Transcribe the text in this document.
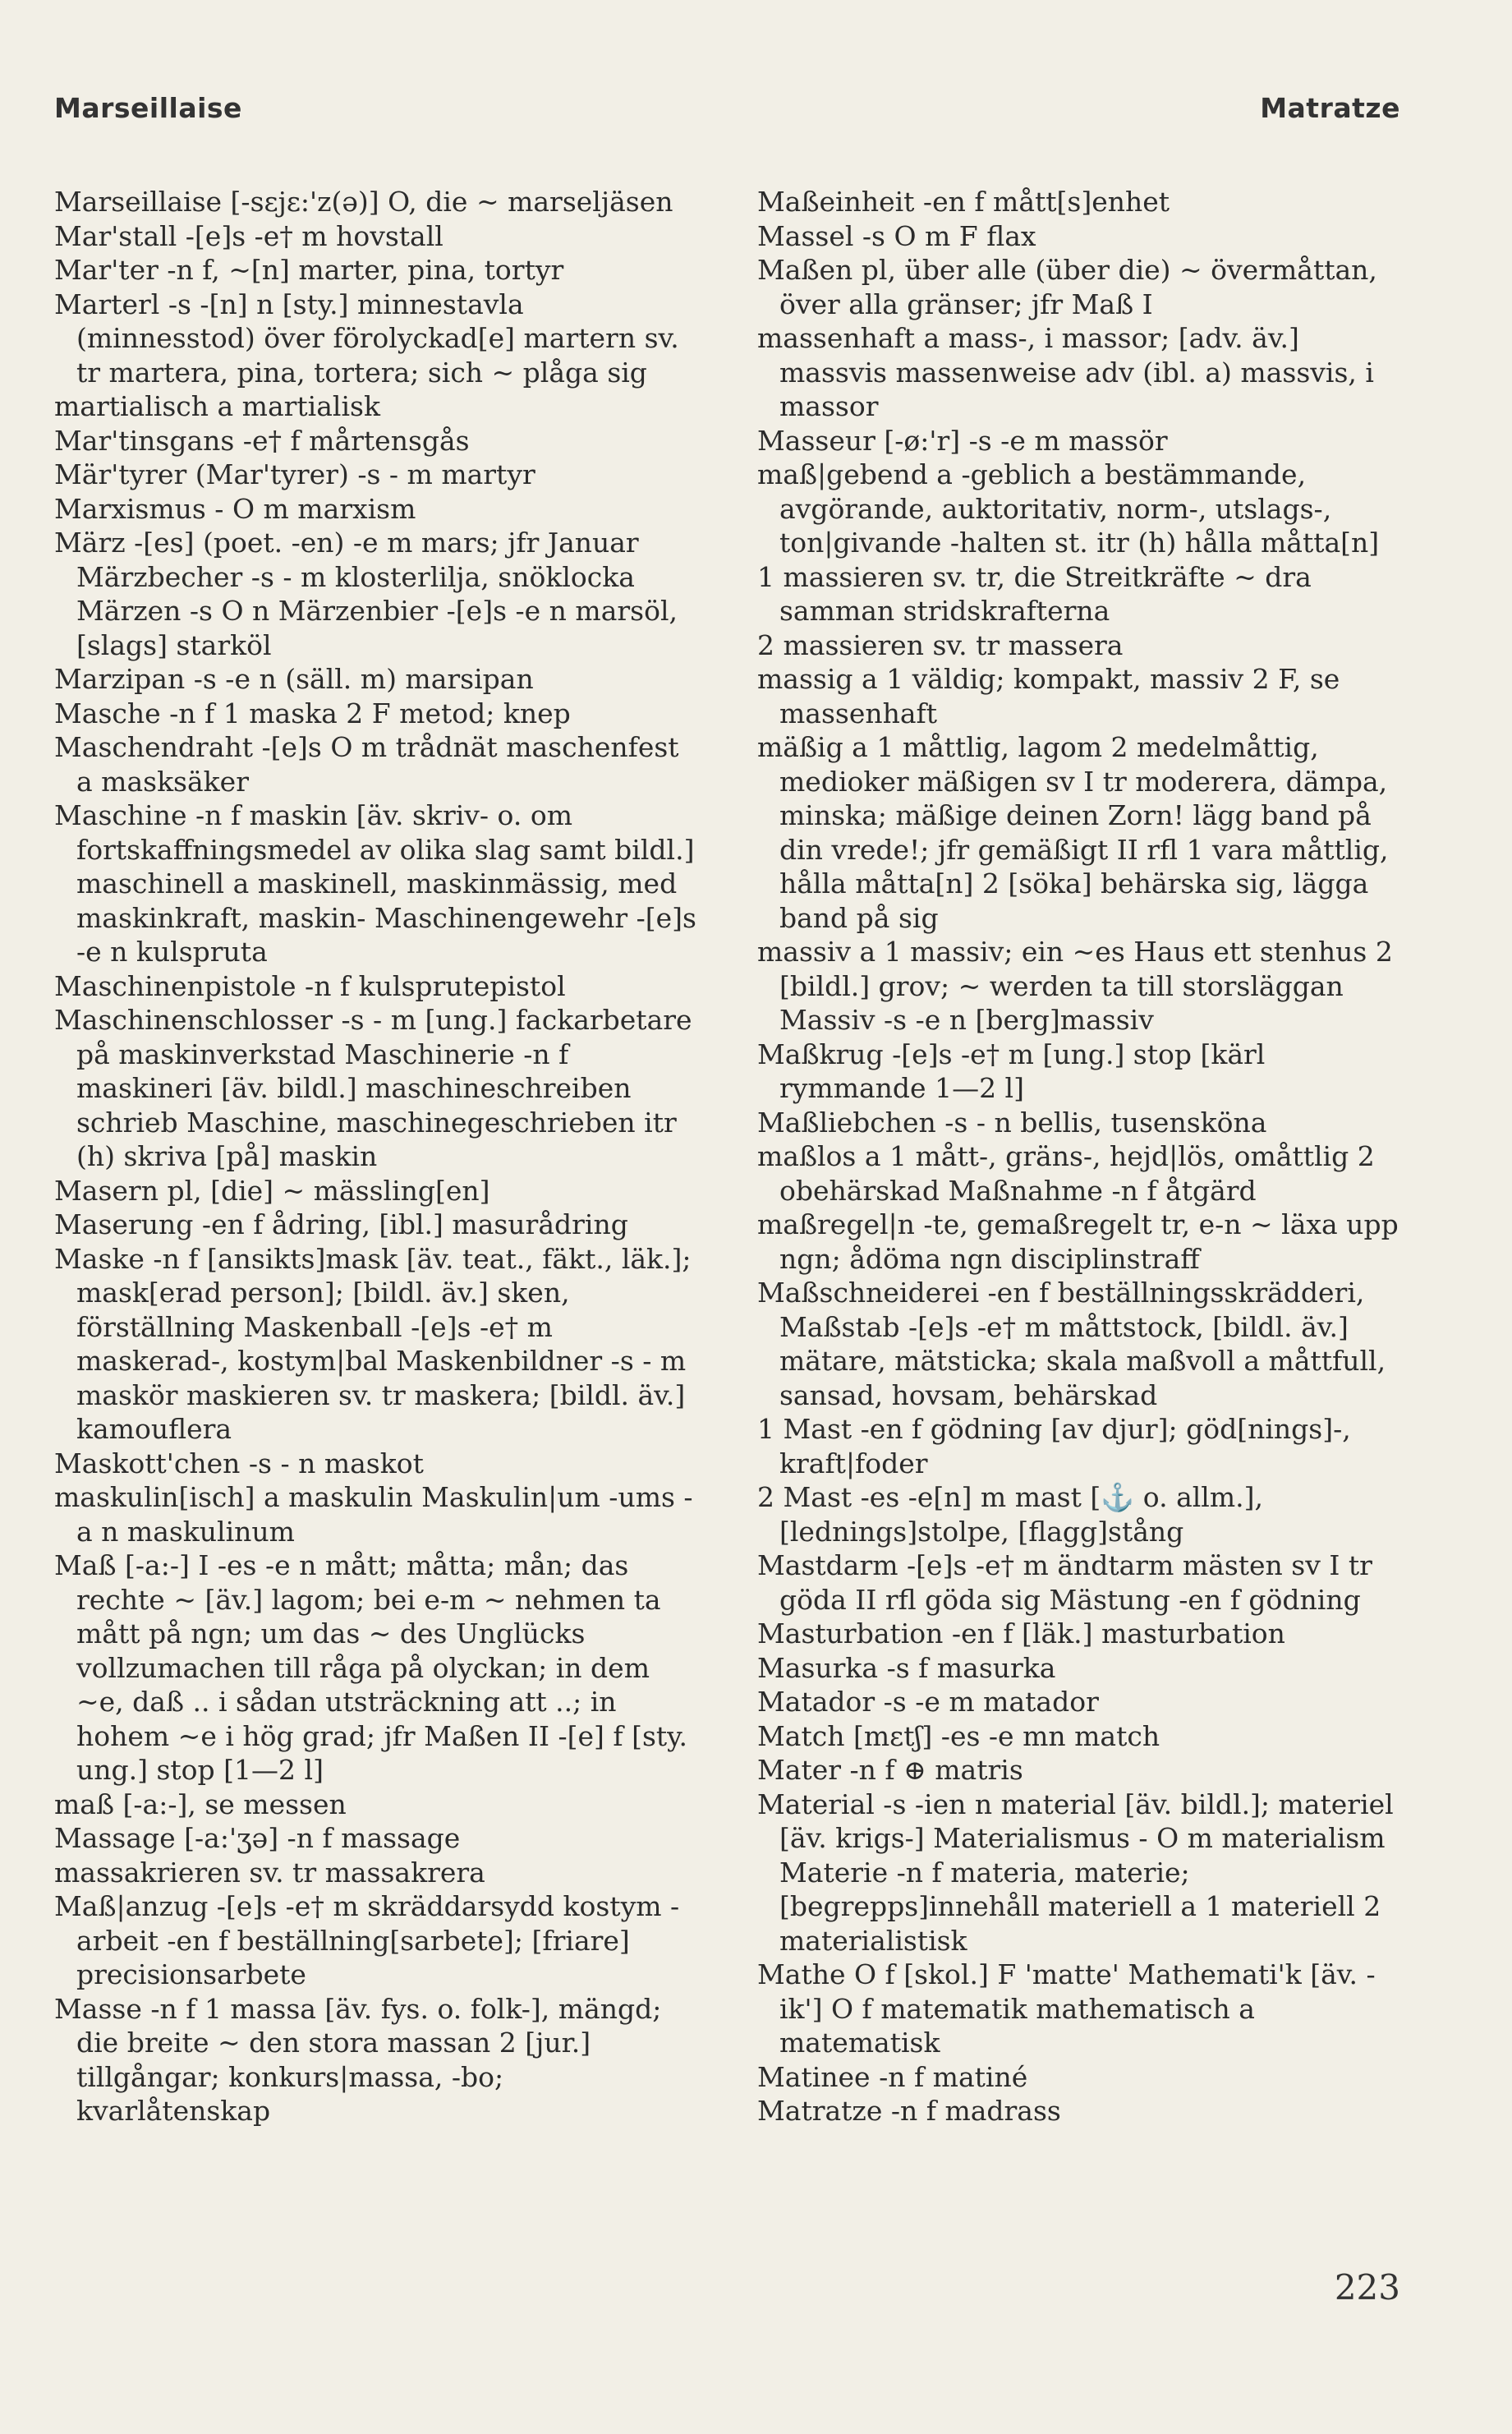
Marseillaise	Matratze

Marseillaise [-sɛjɛ:'z(ə)] O, die ~ marseljäsen

Mar'stall -[e]s -e† m hovstall

Mar'ter -n f, ~[n] marter, pina, tortyr

Marterl -s -[n] n [sty.] minnestavla (minnesstod) över förolyckad[e] martern sv. tr martera, pina, tortera; sich ~ plåga sig

martialisch a martialisk

Mar'tinsgans -e† f mårtensgås

Mär'tyrer (Mar'tyrer) -s - m martyr

Marxismus - O m marxism

März -[es] (poet. -en) -e m mars; jfr Januar Märzbecher -s - m klosterlilja, snöklocka Märzen -s O n Märzenbier -[e]s -e n marsöl, [slags] starköl

Marzipan -s -e n (säll. m) marsipan

Masche -n f 1 maska 2 F metod; knep

Maschendraht -[e]s O m trådnät maschenfest a masksäker

Maschine -n f maskin [äv. skriv- o. om fortskaffningsmedel av olika slag samt bildl.] maschinell a maskinell, maskinmässig, med maskinkraft, maskin- Maschinengewehr -[e]s -e n kulspruta

Maschinenpistole -n f kulsprutepistol

Maschinenschlosser -s - m [ung.] fackarbetare på maskinverkstad Maschinerie -n f maskineri [äv. bildl.] maschineschreiben schrieb Maschine, maschinegeschrieben itr (h) skriva [på] maskin

Masern pl, [die] ~ mässling[en]

Maserung -en f ådring, [ibl.] masurådring

Maske -n f [ansikts]mask [äv. teat., fäkt., läk.]; mask[erad person]; [bildl. äv.] sken, förställning Maskenball -[e]s -e† m maskerad-, kostym|bal Maskenbildner -s - m maskör maskieren sv. tr maskera; [bildl. äv.] kamouflera

Maskott'chen -s - n maskot

maskulin[isch] a maskulin Maskulin|um -ums -a n maskulinum

Maß [-a:-] I -es -e n mått; måtta; mån; das rechte ~ [äv.] lagom; bei e-m ~ nehmen ta mått på ngn; um das ~ des Unglücks vollzumachen till råga på olyckan; in dem ~e, daß .. i sådan utsträckning att ..; in hohem ~e i hög grad; jfr Maßen II -[e] f [sty. ung.] stop [1—2 l]

maß [-a:-], se messen

Massage [-a:'ʒə] -n f massage

massakrieren sv. tr massakrera

Maß|anzug -[e]s -e† m skräddarsydd kostym -arbeit -en f beställning[sarbete]; [friare] precisionsarbete

Masse -n f 1 massa [äv. fys. o. folk-], mängd; die breite ~ den stora massan 2 [jur.] tillgångar; konkurs|massa, -bo; kvarlåtenskap

Maßeinheit -en f mått[s]enhet

Massel -s O m F flax

Maßen pl, über alle (über die) ~ övermåttan, över alla gränser; jfr Maß I

massenhaft a mass-, i massor; [adv. äv.] massvis massenweise adv (ibl. a) massvis, i massor

Masseur [-ø:'r] -s -e m massör

maß|gebend a -geblich a bestämmande, avgörande, auktoritativ, norm-, utslags-, ton|givande -halten st. itr (h) hålla måtta[n]

1 massieren sv. tr, die Streitkräfte ~ dra samman stridskrafterna

2 massieren sv. tr massera

massig a 1 väldig; kompakt, massiv 2 F, se massenhaft

mäßig a 1 måttlig, lagom 2 medelmåttig, medioker mäßigen sv I tr moderera, dämpa, minska; mäßige deinen Zorn! lägg band på din vrede!; jfr gemäßigt II rfl 1 vara måttlig, hålla måtta[n] 2 [söka] behärska sig, lägga band på sig

massiv a 1 massiv; ein ~es Haus ett stenhus 2 [bildl.] grov; ~ werden ta till storsläggan Massiv -s -e n [berg]massiv

Maßkrug -[e]s -e† m [ung.] stop [kärl rymmande 1—2 l]

Maßliebchen -s - n bellis, tusensköna

maßlos a 1 mått-, gräns-, hejd|lös, omåttlig 2 obehärskad Maßnahme -n f åtgärd

maßregel|n -te, gemaßregelt tr, e-n ~ läxa upp ngn; ådöma ngn disciplinstraff

Maßschneiderei -en f beställningsskrädderi, Maßstab -[e]s -e† m måttstock, [bildl. äv.] mätare, mätsticka; skala maßvoll a måttfull, sansad, hovsam, behärskad

1 Mast -en f gödning [av djur]; göd[nings]-, kraft|foder

2 Mast -es -e[n] m mast [⚓ o. allm.], [lednings]stolpe, [flagg]stång

Mastdarm -[e]s -e† m ändtarm mästen sv I tr göda II rfl göda sig Mästung -en f gödning

Masturbation -en f [läk.] masturbation

Masurka -s f masurka

Matador -s -e m matador

Match [mɛtʃ] -es -e mn match

Mater -n f ⊕ matris

Material -s -ien n material [äv. bildl.]; materiel [äv. krigs-] Materialismus - O m materialism Materie -n f materia, materie; [begrepps]innehåll materiell a 1 materiell 2 materialistisk

Mathe O f [skol.] F 'matte' Mathemati'k [äv. -ik'] O f matematik mathematisch a matematisk

Matinee -n f matiné

Matratze -n f madrass

223
